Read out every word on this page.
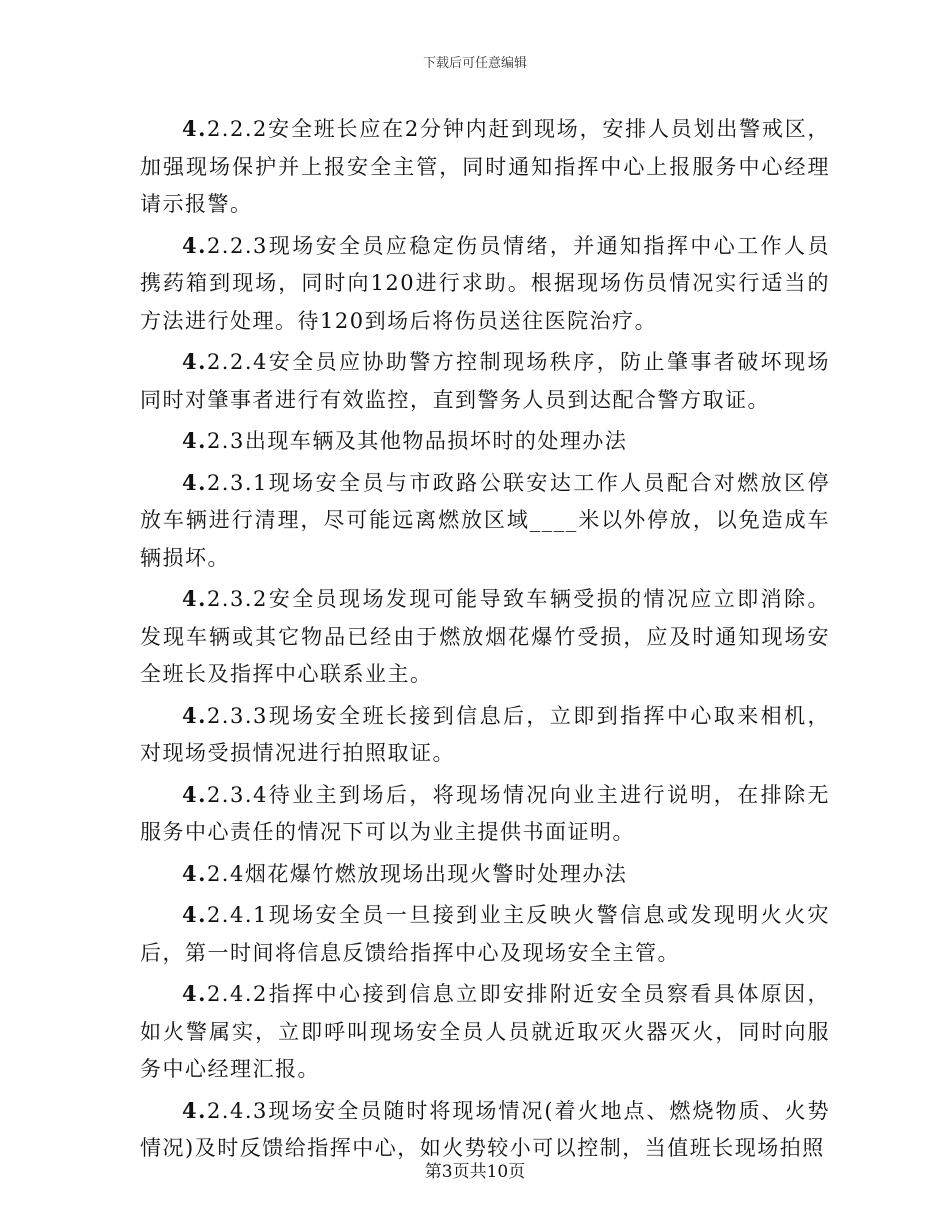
下载后可任意编辑

4.2.2.2安全班长应在2分钟内赶到现场，安排人员划出警戒区，加强现场保护并上报安全主管，同时通知指挥中心上报服务中心经理请示报警。

4.2.2.3现场安全员应稳定伤员情绪，并通知指挥中心工作人员携药箱到现场，同时向120进行求助。根据现场伤员情况实行适当的方法进行处理。待120到场后将伤员送往医院治疗。

4.2.2.4安全员应协助警方控制现场秩序，防止肇事者破坏现场同时对肇事者进行有效监控，直到警务人员到达配合警方取证。

4.2.3出现车辆及其他物品损坏时的处理办法

4.2.3.1现场安全员与市政路公联安达工作人员配合对燃放区停放车辆进行清理，尽可能远离燃放区域____米以外停放，以免造成车辆损坏。

4.2.3.2安全员现场发现可能导致车辆受损的情况应立即消除。发现车辆或其它物品已经由于燃放烟花爆竹受损，应及时通知现场安全班长及指挥中心联系业主。

4.2.3.3现场安全班长接到信息后，立即到指挥中心取来相机，对现场受损情况进行拍照取证。

4.2.3.4待业主到场后，将现场情况向业主进行说明，在排除无服务中心责任的情况下可以为业主提供书面证明。

4.2.4烟花爆竹燃放现场出现火警时处理办法

4.2.4.1现场安全员一旦接到业主反映火警信息或发现明火火灾后，第一时间将信息反馈给指挥中心及现场安全主管。

4.2.4.2指挥中心接到信息立即安排附近安全员察看具体原因，如火警属实，立即呼叫现场安全员人员就近取灭火器灭火，同时向服务中心经理汇报。

4.2.4.3现场安全员随时将现场情况(着火地点、燃烧物质、火势情况)及时反馈给指挥中心，如火势较小可以控制，当值班长现场拍照

第3页共10页
